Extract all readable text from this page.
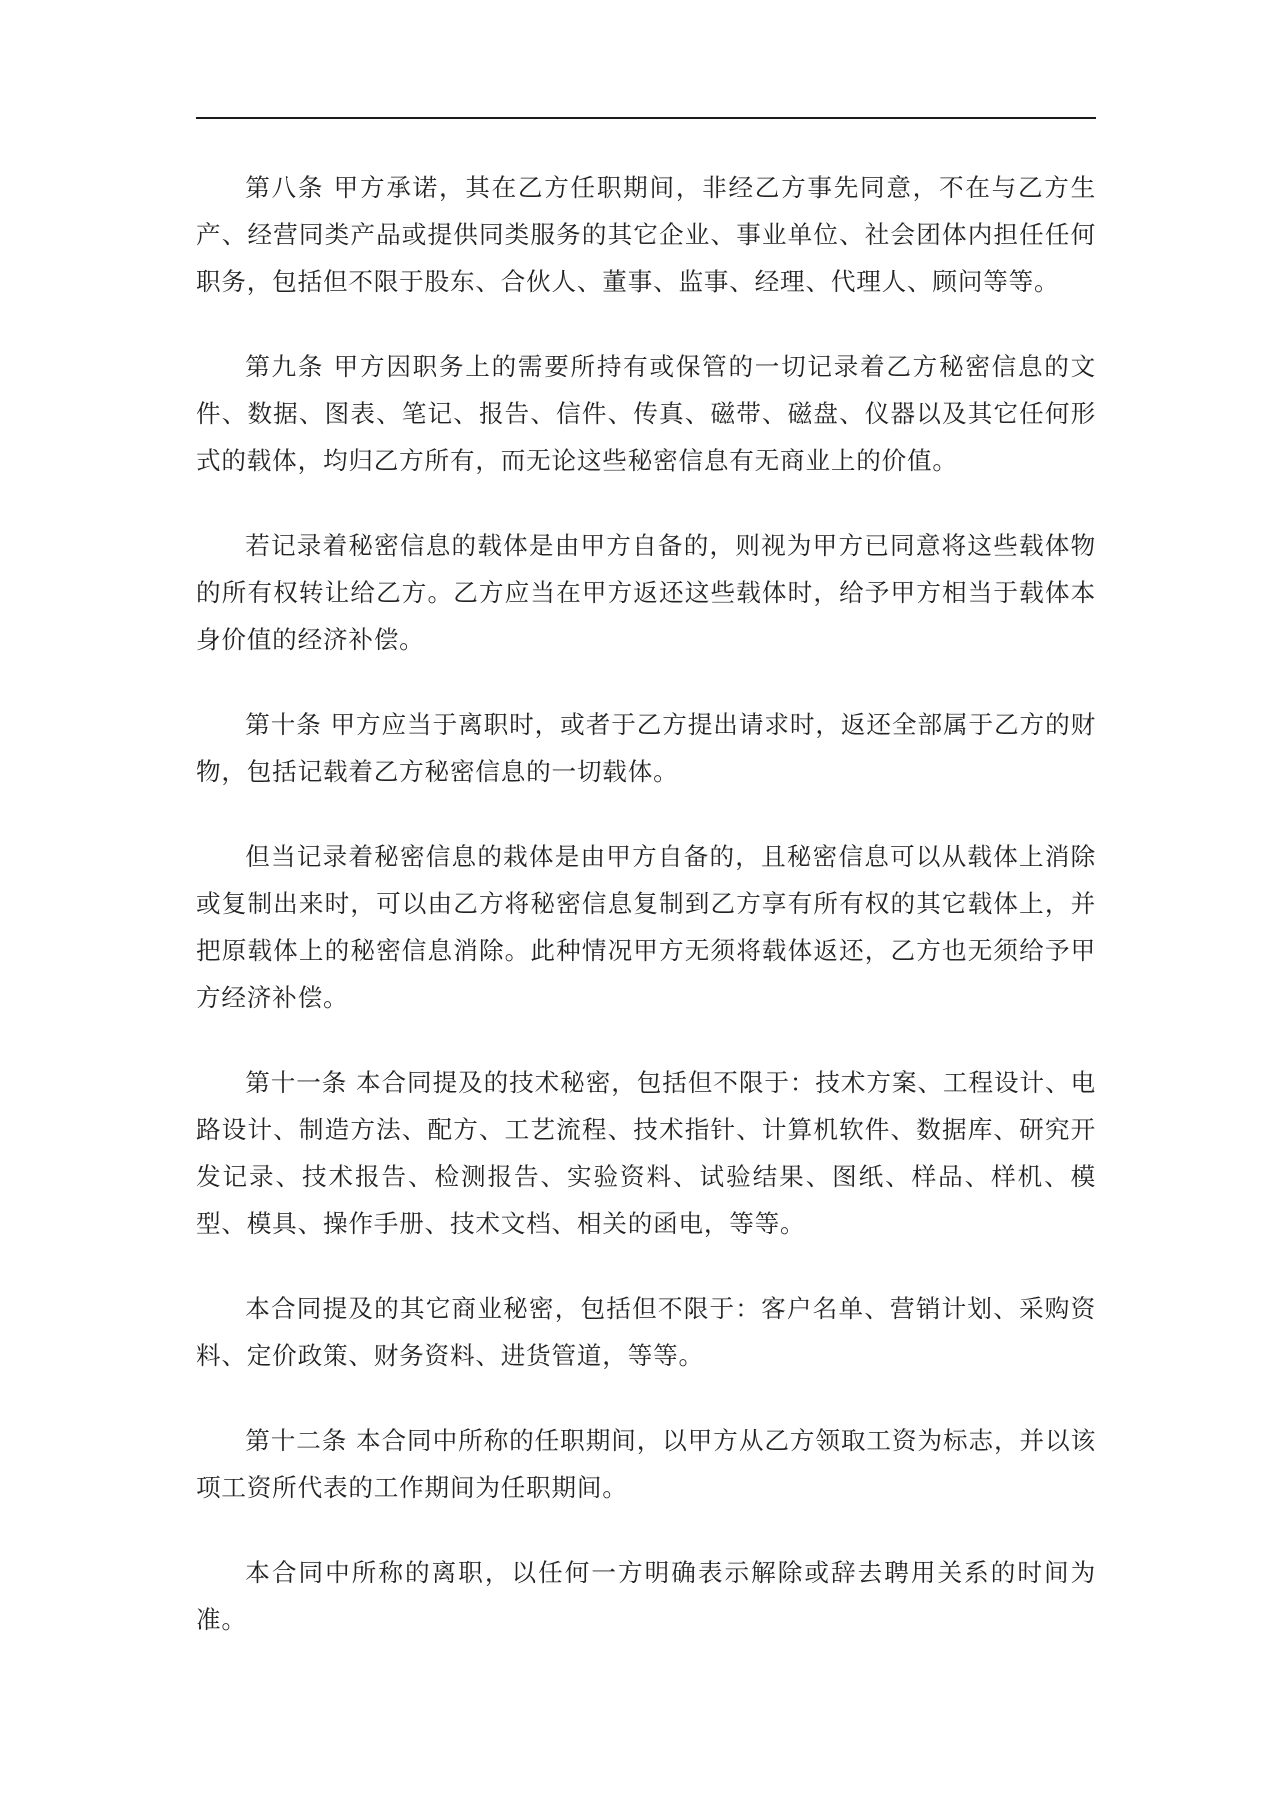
第八条 甲方承诺，其在乙方任职期间，非经乙方事先同意，不在与乙方生产、经营同类产品或提供同类服务的其它企业、事业单位、社会团体内担任任何职务，包括但不限于股东、合伙人、董事、监事、经理、代理人、顾问等等。

第九条 甲方因职务上的需要所持有或保管的一切记录着乙方秘密信息的文件、数据、图表、笔记、报告、信件、传真、磁带、磁盘、仪器以及其它任何形式的载体，均归乙方所有，而无论这些秘密信息有无商业上的价值。

若记录着秘密信息的载体是由甲方自备的，则视为甲方已同意将这些载体物的所有权转让给乙方。乙方应当在甲方返还这些载体时，给予甲方相当于载体本身价值的经济补偿。

第十条 甲方应当于离职时，或者于乙方提出请求时，返还全部属于乙方的财物，包括记载着乙方秘密信息的一切载体。

但当记录着秘密信息的栽体是由甲方自备的，且秘密信息可以从载体上消除或复制出来时，可以由乙方将秘密信息复制到乙方享有所有权的其它载体上，并把原载体上的秘密信息消除。此种情况甲方无须将载体返还，乙方也无须给予甲方经济补偿。

第十一条 本合同提及的技术秘密，包括但不限于：技术方案、工程设计、电路设计、制造方法、配方、工艺流程、技术指针、计算机软件、数据库、研究开发记录、技术报告、检测报告、实验资料、试验结果、图纸、样品、样机、模型、模具、操作手册、技术文档、相关的函电，等等。

本合同提及的其它商业秘密，包括但不限于：客户名单、营销计划、采购资料、定价政策、财务资料、进货管道，等等。

第十二条 本合同中所称的任职期间，以甲方从乙方领取工资为标志，并以该项工资所代表的工作期间为任职期间。

本合同中所称的离职，以任何一方明确表示解除或辞去聘用关系的时间为准。
